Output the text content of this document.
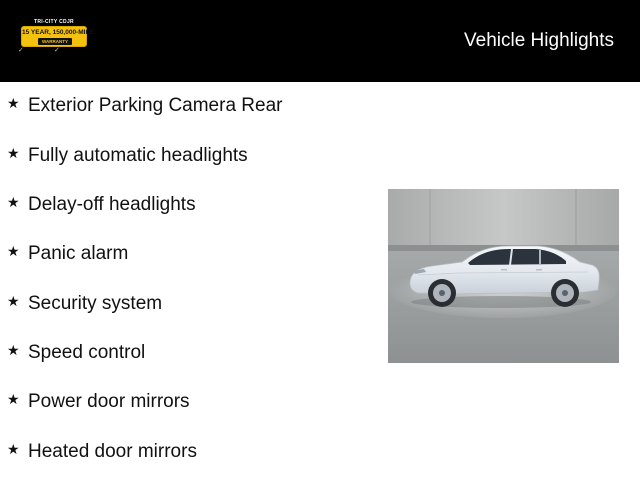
TRI-CITY CDJR
15 YEAR, 150,000-MILE
WARRANTY
✓	✓	Vehicle Highlights
★ Exterior Parking Camera Rear
★ Fully automatic headlights
★ Delay-off headlights
★ Panic alarm
★ Security system
★ Speed control
★ Power door mirrors
★ Heated door mirrors
